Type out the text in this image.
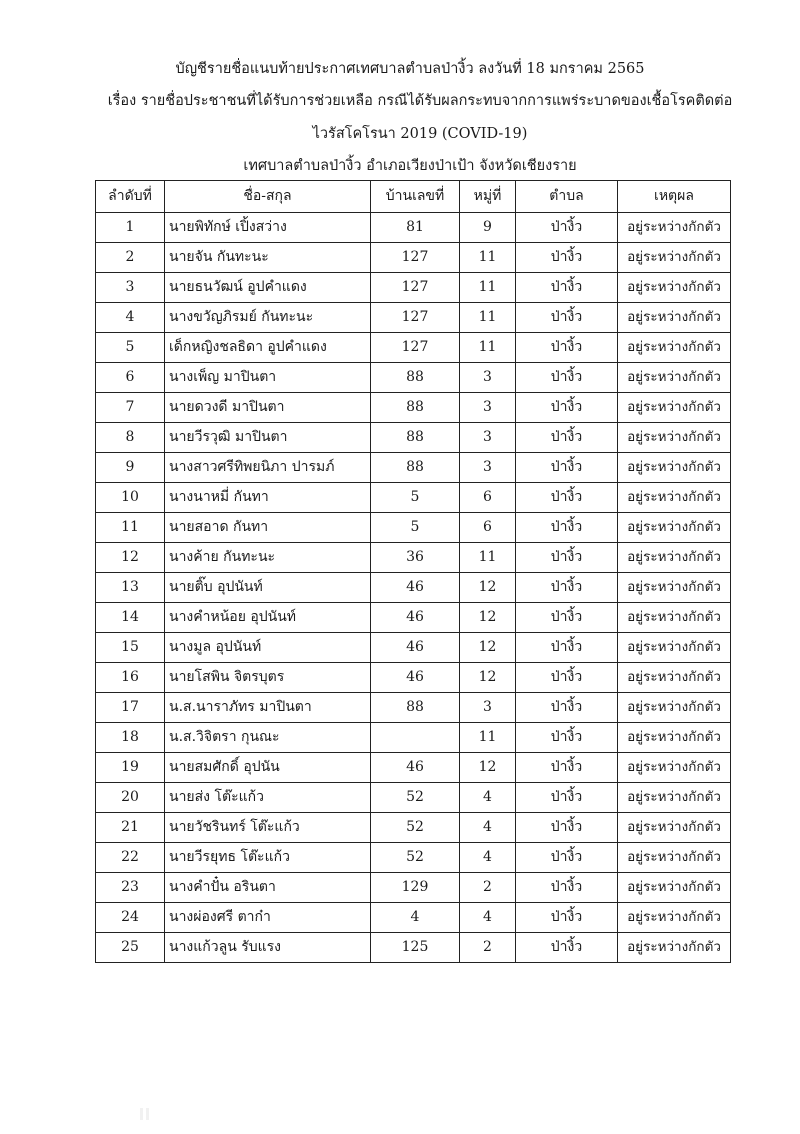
บัญชีรายชื่อแนบท้ายประกาศเทศบาลตำบลป่างิ้ว ลงวันที่ 18 มกราคม 2565
เรื่อง รายชื่อประชาชนที่ได้รับการช่วยเหลือ กรณีได้รับผลกระทบจากการแพร่ระบาดของเชื้อโรคติดต่อ
ไวรัสโคโรนา 2019 (COVID-19)
เทศบาลตำบลป่างิ้ว อำเภอเวียงป่าเป้า จังหวัดเชียงราย
ลำดับที่	ชื่อ-สกุล	บ้านเลขที่	หมู่ที่	ตำบล	เหตุผล
1	นายพิทักษ์ เปิ้งสว่าง	81	9	ป่างิ้ว	อยู่ระหว่างกักตัว
2	นายจัน กันทะนะ	127	11	ป่างิ้ว	อยู่ระหว่างกักตัว
3	นายธนวัฒน์ อูปคำแดง	127	11	ป่างิ้ว	อยู่ระหว่างกักตัว
4	นางขวัญภิรมย์ กันทะนะ	127	11	ป่างิ้ว	อยู่ระหว่างกักตัว
5	เด็กหญิงชลธิดา อูปคำแดง	127	11	ป่างิ้ว	อยู่ระหว่างกักตัว
6	นางเพ็ญ มาปินตา	88	3	ป่างิ้ว	อยู่ระหว่างกักตัว
7	นายดวงดี มาปินตา	88	3	ป่างิ้ว	อยู่ระหว่างกักตัว
8	นายวีรวุฒิ มาปินตา	88	3	ป่างิ้ว	อยู่ระหว่างกักตัว
9	นางสาวศรีทิพยนิภา ปารมภ์	88	3	ป่างิ้ว	อยู่ระหว่างกักตัว
10	นางนาหมี่ กันทา	5	6	ป่างิ้ว	อยู่ระหว่างกักตัว
11	นายสอาด กันทา	5	6	ป่างิ้ว	อยู่ระหว่างกักตัว
12	นางค้าย กันทะนะ	36	11	ป่างิ้ว	อยู่ระหว่างกักตัว
13	นายติ๊บ อุปนันท์	46	12	ป่างิ้ว	อยู่ระหว่างกักตัว
14	นางคำหน้อย อุปนันท์	46	12	ป่างิ้ว	อยู่ระหว่างกักตัว
15	นางมูล อุปนันท์	46	12	ป่างิ้ว	อยู่ระหว่างกักตัว
16	นายโสพิน จิตรบุตร	46	12	ป่างิ้ว	อยู่ระหว่างกักตัว
17	น.ส.นาราภัทร มาปินตา	88	3	ป่างิ้ว	อยู่ระหว่างกักตัว
18	น.ส.วิจิตรา กุนณะ		11	ป่างิ้ว	อยู่ระหว่างกักตัว
19	นายสมศักดิ์ อุปนัน	46	12	ป่างิ้ว	อยู่ระหว่างกักตัว
20	นายส่ง โต๊ะแก้ว	52	4	ป่างิ้ว	อยู่ระหว่างกักตัว
21	นายวัชรินทร์ โต๊ะแก้ว	52	4	ป่างิ้ว	อยู่ระหว่างกักตัว
22	นายวีรยุทธ โต๊ะแก้ว	52	4	ป่างิ้ว	อยู่ระหว่างกักตัว
23	นางคำปั๋น อรินตา	129	2	ป่างิ้ว	อยู่ระหว่างกักตัว
24	นางผ่องศรี ตาก๋า	4	4	ป่างิ้ว	อยู่ระหว่างกักตัว
25	นางแก้วลูน รับแรง	125	2	ป่างิ้ว	อยู่ระหว่างกักตัว
